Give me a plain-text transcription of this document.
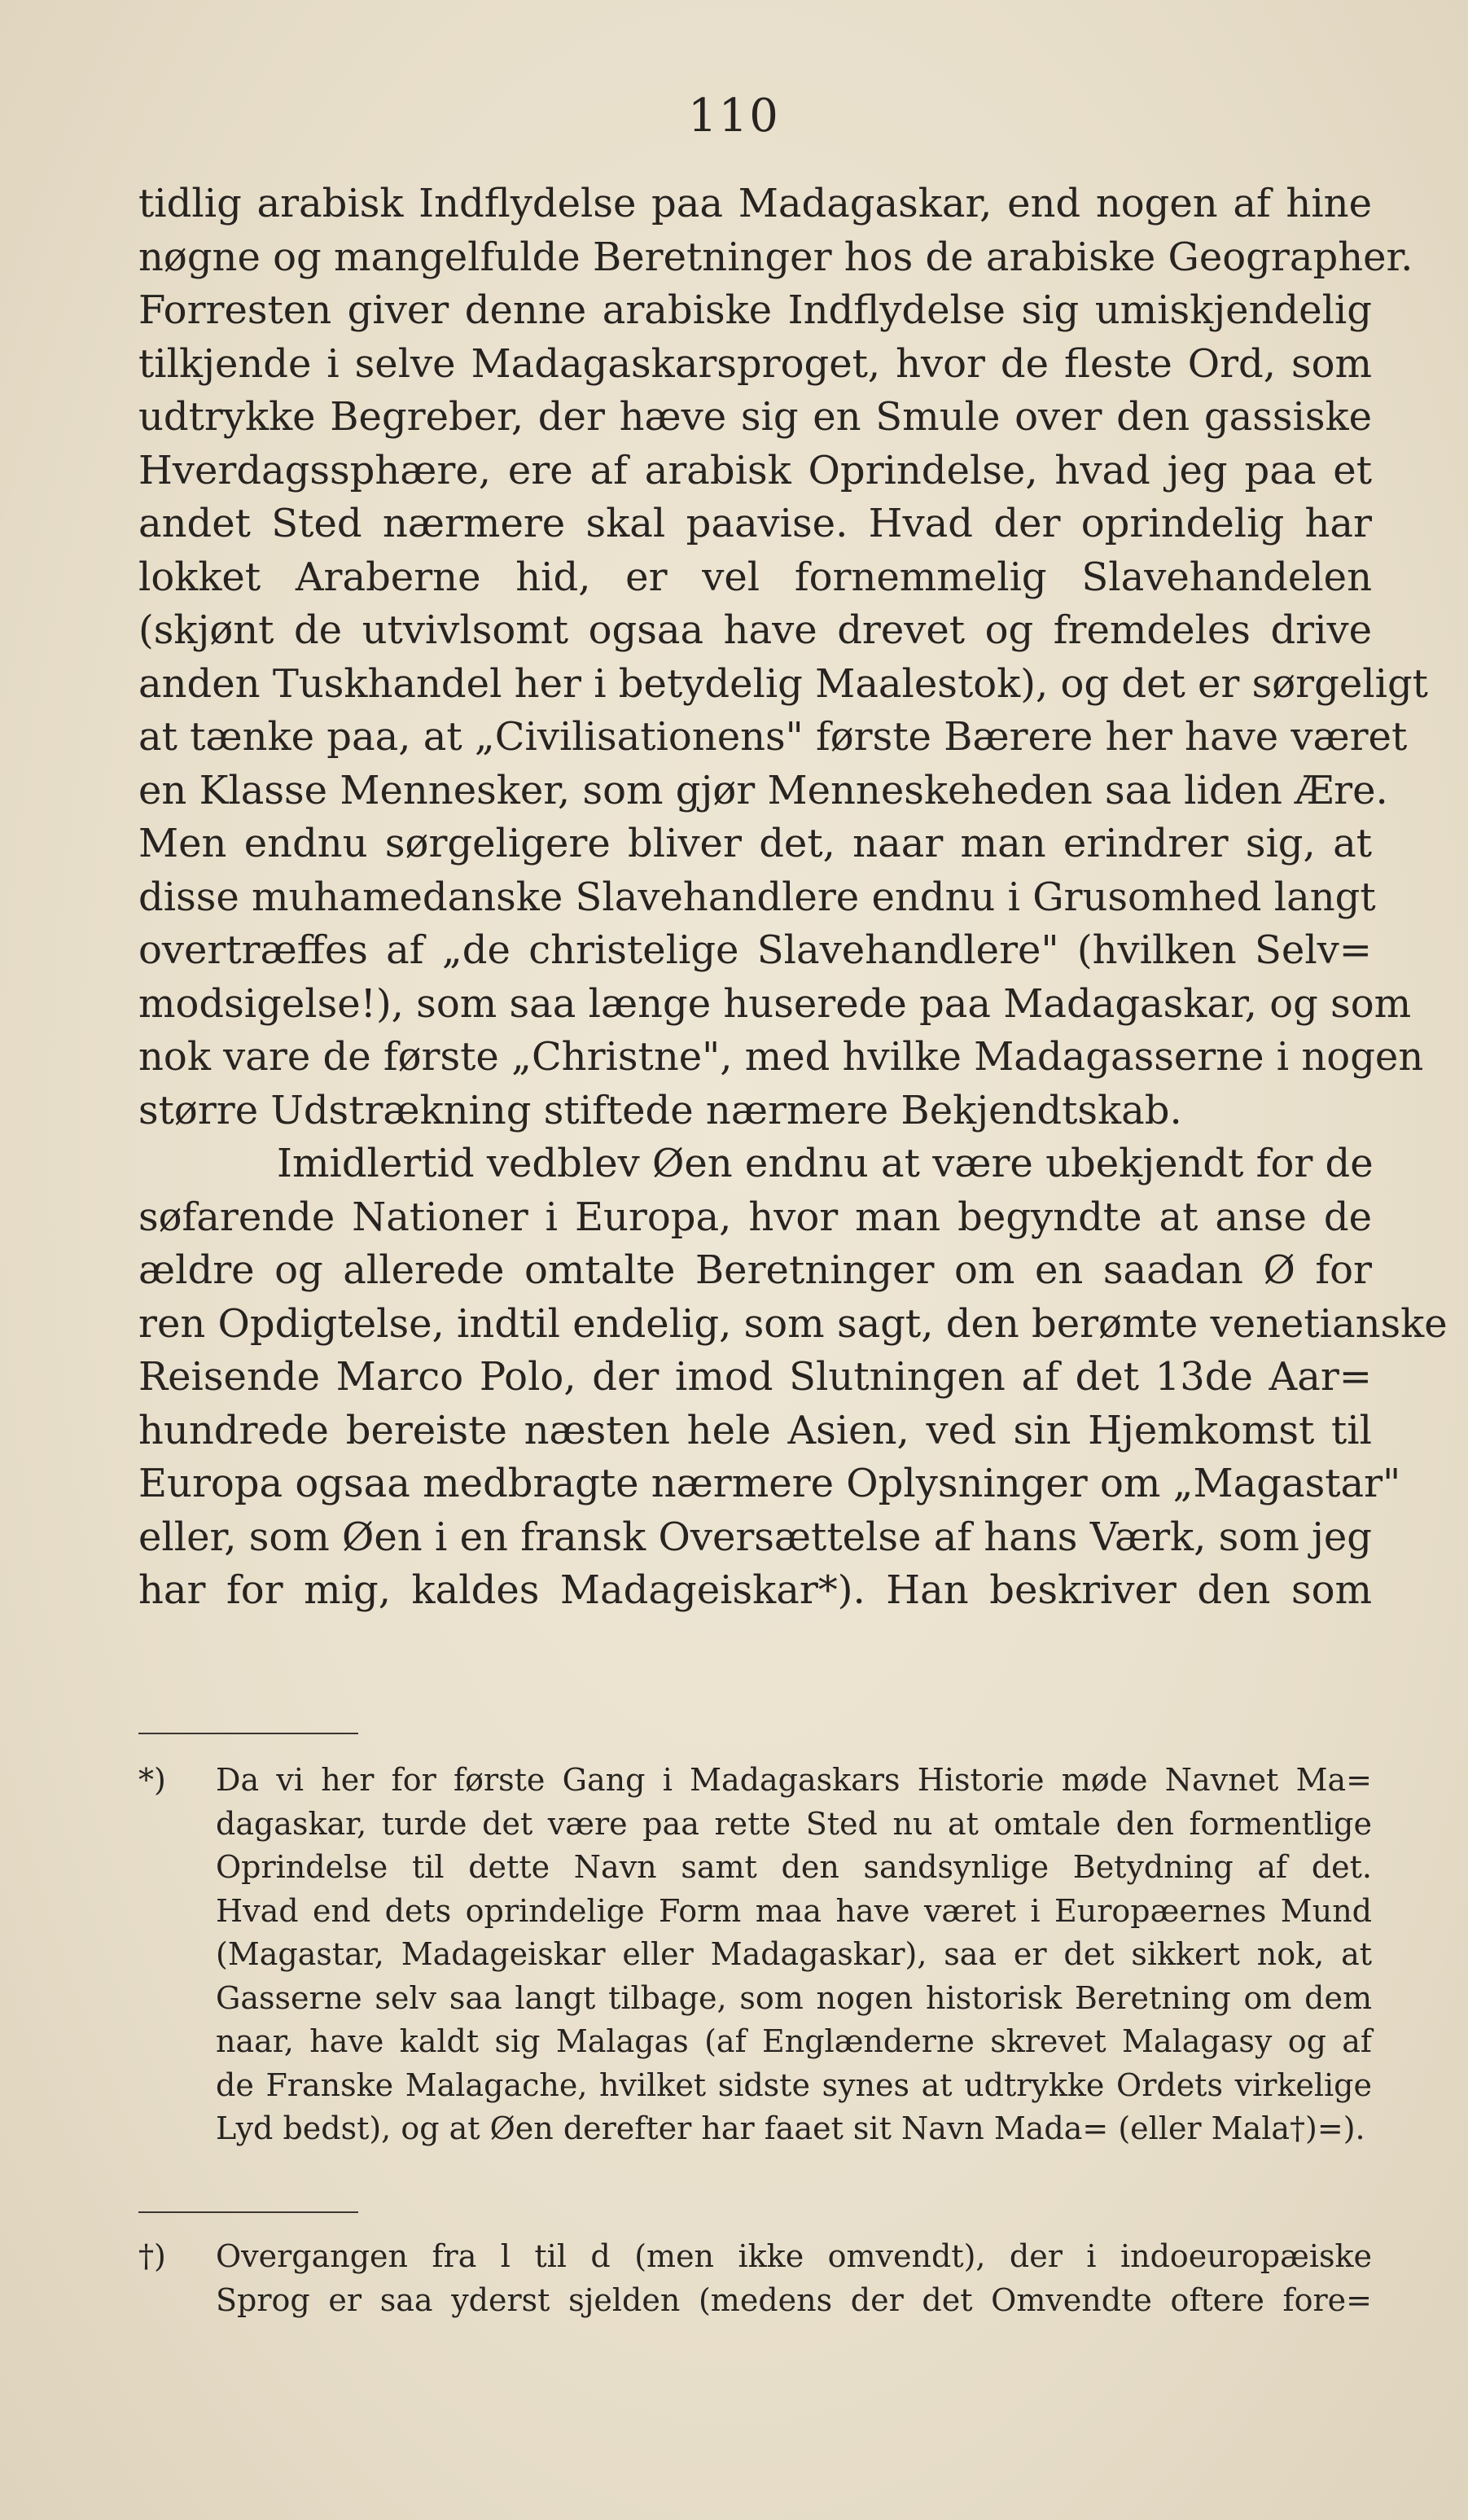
110
tidlig arabisk Indflydelse paa Madagaskar, end nogen af hine
nøgne og mangelfulde Beretninger hos de arabiske Geographer.
Forresten giver denne arabiske Indflydelse sig umiskjendelig
tilkjende i selve Madagaskarsproget, hvor de fleste Ord, som
udtrykke Begreber, der hæve sig en Smule over den gassiske
Hverdagssphære, ere af arabisk Oprindelse, hvad jeg paa et
andet Sted nærmere skal paavise. Hvad der oprindelig har
lokket Araberne hid, er vel fornemmelig Slavehandelen
(skjønt de utvivlsomt ogsaa have drevet og fremdeles drive
anden Tuskhandel her i betydelig Maalestok), og det er sørgeligt
at tænke paa, at „Civilisationens" første Bærere her have været
en Klasse Mennesker, som gjør Menneskeheden saa liden Ære.
Men endnu sørgeligere bliver det, naar man erindrer sig, at
disse muhamedanske Slavehandlere endnu i Grusomhed langt
overtræffes af „de christelige Slavehandlere" (hvilken Selv=
modsigelse!), som saa længe huserede paa Madagaskar, og som
nok vare de første „Christne", med hvilke Madagasserne i nogen
større Udstrækning stiftede nærmere Bekjendtskab.
Imidlertid vedblev Øen endnu at være ubekjendt for de
søfarende Nationer i Europa, hvor man begyndte at anse de
ældre og allerede omtalte Beretninger om en saadan Ø for
ren Opdigtelse, indtil endelig, som sagt, den berømte venetianske
Reisende Marco Polo, der imod Slutningen af det 13de Aar=
hundrede bereiste næsten hele Asien, ved sin Hjemkomst til
Europa ogsaa medbragte nærmere Oplysninger om „Magastar"
eller, som Øen i en fransk Oversættelse af hans Værk, som jeg
har for mig, kaldes Madageiskar*). Han beskriver den som
*) Da vi her for første Gang i Madagaskars Historie møde Navnet Ma=
dagaskar, turde det være paa rette Sted nu at omtale den formentlige
Oprindelse til dette Navn samt den sandsynlige Betydning af det.
Hvad end dets oprindelige Form maa have været i Europæernes Mund
(Magastar, Madageiskar eller Madagaskar), saa er det sikkert nok, at
Gasserne selv saa langt tilbage, som nogen historisk Beretning om dem
naar, have kaldt sig Malagas (af Englænderne skrevet Malagasy og af
de Franske Malagache, hvilket sidste synes at udtrykke Ordets virkelige
Lyd bedst), og at Øen derefter har faaet sit Navn Mada= (eller Mala†)=).
†) Overgangen fra l til d (men ikke omvendt), der i indoeuropæiske
Sprog er saa yderst sjelden (medens der det Omvendte oftere fore=
